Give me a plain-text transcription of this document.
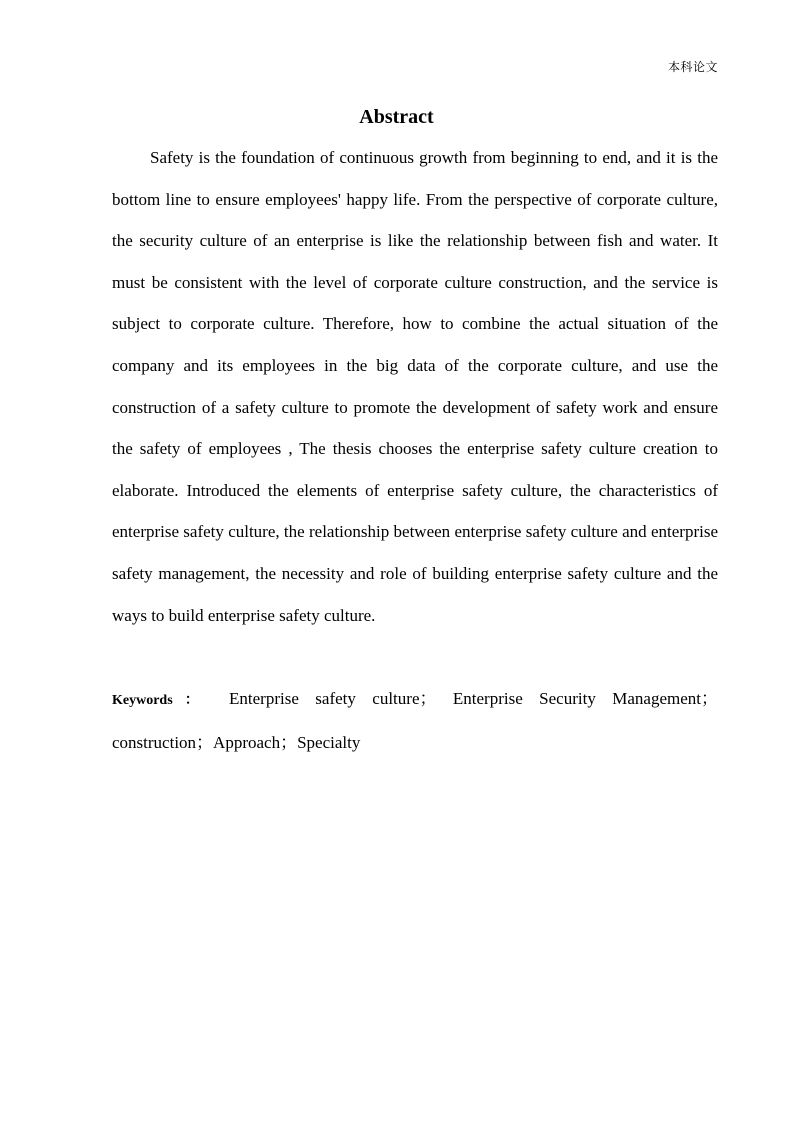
本科论文
Abstract

Safety is the foundation of continuous growth from beginning to end, and it is the bottom line to ensure employees' happy life. From the perspective of corporate culture, the security culture of an enterprise is like the relationship between fish and water. It must be consistent with the level of corporate culture construction, and the service is subject to corporate culture. Therefore, how to combine the actual situation of the company and its employees in the big data of the corporate culture, and use the construction of a safety culture to promote the development of safety work and ensure the safety of employees , The thesis chooses the enterprise safety culture creation to elaborate. Introduced the elements of enterprise safety culture, the characteristics of enterprise safety culture, the relationship between enterprise safety culture and enterprise safety management, the necessity and role of building enterprise safety culture and the ways to build enterprise safety culture.

Keywords： Enterprise safety culture； Enterprise Security Management；construction；Approach；Specialty
